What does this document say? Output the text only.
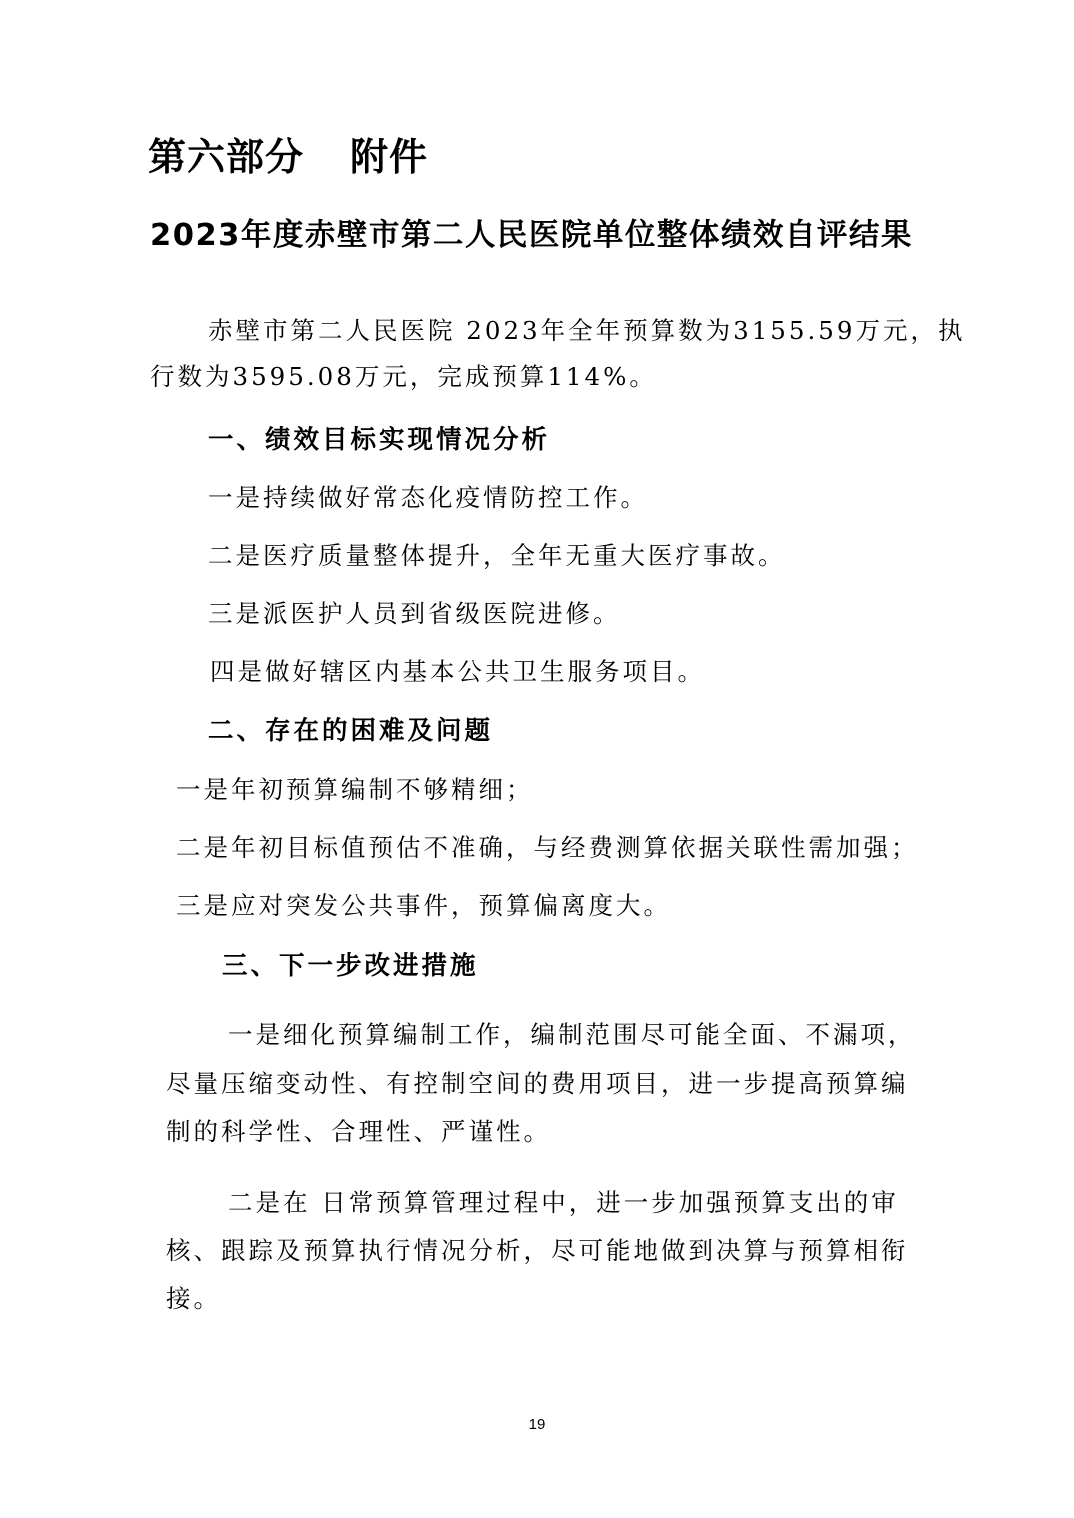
第六部分 附件
2023年度赤壁市第二人民医院单位整体绩效自评结果

赤壁市第二人民医院 2023年全年预算数为3155.59万元，执

行数为3595.08万元，完成预算114%。

一、绩效目标实现情况分析

一是持续做好常态化疫情防控工作。

二是医疗质量整体提升，全年无重大医疗事故。

三是派医护人员到省级医院进修。

四是做好辖区内基本公共卫生服务项目。

二、存在的困难及问题

一是年初预算编制不够精细；

二是年初目标值预估不准确，与经费测算依据关联性需加强；

三是应对突发公共事件，预算偏离度大。

三、下一步改进措施

一是细化预算编制工作，编制范围尽可能全面、不漏项，

尽量压缩变动性、有控制空间的费用项目，进一步提高预算编

制的科学性、合理性、严谨性。

二是在 日常预算管理过程中，进一步加强预算支出的审

核、跟踪及预算执行情况分析，尽可能地做到决算与预算相衔

接。

19
